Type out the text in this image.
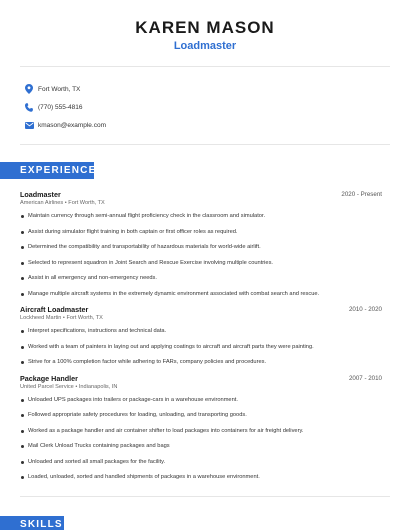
KAREN MASON
Loadmaster
Fort Worth, TX
(770) 555-4816
kmason@example.com
EXPERIENCE
Loadmaster	2020 - Present
American Airlines • Fort Worth, TX
Maintain currency through semi-annual flight proficiency check in the classroom and simulator.
Assist during simulator flight training in both captain or first officer roles as required.
Determined the compatibility and transportability of hazardous materials for world-wide airlift.
Selected to represent squadron in Joint Search and Rescue Exercise involving multiple countries.
Assist in all emergency and non-emergency needs.
Manage multiple aircraft systems in the extremely dynamic environment associated with combat search and rescue.
Aircraft Loadmaster	2010 - 2020
Lockheed Martin • Fort Worth, TX
Interpret specifications, instructions and technical data.
Worked with a team of painters in laying out and applying coatings to aircraft and aircraft parts they were painting.
Strive for a 100% completion factor while adhering to FARs, company policies and procedures.
Package Handler	2007 - 2010
United Parcel Service • Indianapolis, IN
Unloaded UPS packages into trailers or package-cars in a warehouse environment.
Followed appropriate safety procedures for loading, unloading, and transporting goods.
Worked as a package handler and air container shifter to load packages into containers for air freight delivery.
Mail Clerk Unload Trucks containing packages and bags
Unloaded and sorted all small packages for the facility.
Loaded, unloaded, sorted and handled shipments of packages in a warehouse environment.
SKILLS
